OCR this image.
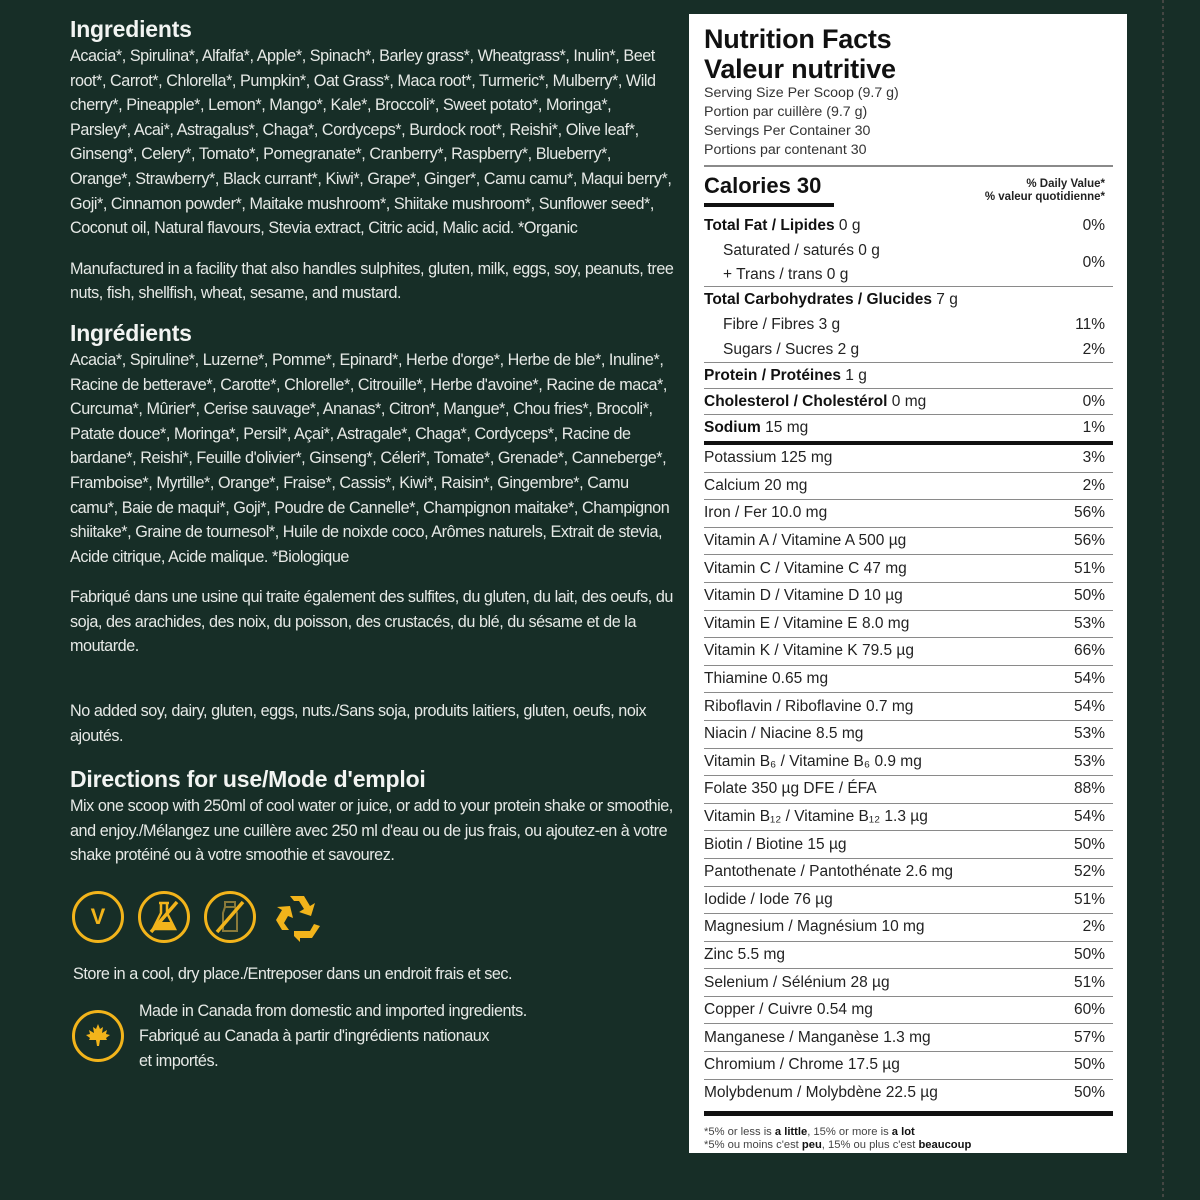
Ingredients

Acacia*, Spirulina*, Alfalfa*, Apple*, Spinach*, Barley grass*, Wheatgrass*, Inulin*, Beet root*, Carrot*, Chlorella*, Pumpkin*, Oat Grass*, Maca root*, Turmeric*, Mulberry*, Wild cherry*, Pineapple*, Lemon*, Mango*, Kale*, Broccoli*, Sweet potato*, Moringa*, Parsley*, Acai*, Astragalus*, Chaga*, Cordyceps*, Burdock root*, Reishi*, Olive leaf*, Ginseng*, Celery*, Tomato*, Pomegranate*, Cranberry*, Raspberry*, Blueberry*, Orange*, Strawberry*, Black currant*, Kiwi*, Grape*, Ginger*, Camu camu*, Maqui berry*, Goji*, Cinnamon powder*, Maitake mushroom*, Shiitake mushroom*, Sunflower seed*, Coconut oil, Natural flavours, Stevia extract, Citric acid, Malic acid. *Organic

Manufactured in a facility that also handles sulphites, gluten, milk, eggs, soy, peanuts, tree nuts, fish, shellfish, wheat, sesame, and mustard.

Ingrédients

Acacia*, Spiruline*, Luzerne*, Pomme*, Epinard*, Herbe d'orge*, Herbe de ble*, Inuline*, Racine de betterave*, Carotte*, Chlorelle*, Citrouille*, Herbe d'avoine*, Racine de maca*, Curcuma*, Mûrier*, Cerise sauvage*, Ananas*, Citron*, Mangue*, Chou fries*, Brocoli*, Patate douce*, Moringa*, Persil*, Açai*, Astragale*, Chaga*, Cordyceps*, Racine de bardane*, Reishi*, Feuille d'olivier*, Ginseng*, Céleri*, Tomate*, Grenade*, Canneberge*, Framboise*, Myrtille*, Orange*, Fraise*, Cassis*, Kiwi*, Raisin*, Gingembre*, Camu camu*, Baie de maqui*, Goji*, Poudre de Cannelle*, Champignon maitake*, Champignon shiitake*, Graine de tournesol*, Huile de noixde coco, Arômes naturels, Extrait de stevia, Acide citrique, Acide malique. *Biologique

Fabriqué dans une usine qui traite également des sulfites, du gluten, du lait, des oeufs, du soja, des arachides, des noix, du poisson, des crustacés, du blé, du sésame et de la moutarde.

No added soy, dairy, gluten, eggs, nuts./Sans soja, produits laitiers, gluten, oeufs, noix ajoutés.

Directions for use/Mode d'emploi

Mix one scoop with 250ml of cool water or juice, or add to your protein shake or smoothie, and enjoy./Mélangez une cuillère avec 250 ml d'eau ou de jus frais, ou ajoutez-en à votre shake protéiné ou à votre smoothie et savourez.

V	7

Store in a cool, dry place./Entreposer dans un endroit frais et sec.

Made in Canada from domestic and imported ingredients.

Fabriqué au Canada à partir d'ingrédients nationaux

et importés.

Nutrition Facts
Valeur nutritive
Serving Size Per Scoop (9.7 g)
Portion par cuillère (9.7 g)
Servings Per Container 30
Portions par contenant 30
Calories 30	% Daily Value*
% valeur quotidienne*
Total Fat / Lipides 0 g	0%
Saturated / saturés 0 g
+ Trans / trans 0 g
0%
Total Carbohydrates / Glucides 7 g
Fibre / Fibres 3 g	11%
Sugars / Sucres 2 g	2%
Protein / Protéines 1 g
Cholesterol / Cholestérol 0 mg	0%
Sodium 15 mg	1%
Potassium 125 mg	3%
Calcium 20 mg	2%
Iron / Fer 10.0 mg	56%
Vitamin A / Vitamine A 500 µg	56%
Vitamin C / Vitamine C 47 mg	51%
Vitamin D / Vitamine D 10 µg	50%
Vitamin E / Vitamine E 8.0 mg	53%
Vitamin K / Vitamine K 79.5 µg	66%
Thiamine 0.65 mg	54%
Riboflavin / Riboflavine 0.7 mg	54%
Niacin / Niacine 8.5 mg	53%
Vitamin B₆ / Vitamine B₆ 0.9 mg	53%
Folate 350 µg DFE / ÉFA	88%
Vitamin B₁₂ / Vitamine B₁₂ 1.3 µg	54%
Biotin / Biotine 15 µg	50%
Pantothenate / Pantothénate 2.6 mg	52%
Iodide / Iode 76 µg	51%
Magnesium / Magnésium 10 mg	2%
Zinc 5.5 mg	50%
Selenium / Sélénium 28 µg	51%
Copper / Cuivre 0.54 mg	60%
Manganese / Manganèse 1.3 mg	57%
Chromium / Chrome 17.5 µg	50%
Molybdenum / Molybdène 22.5 µg	50%
*5% or less is a little, 15% or more is a lot
*5% ou moins c'est peu, 15% ou plus c'est beaucoup
